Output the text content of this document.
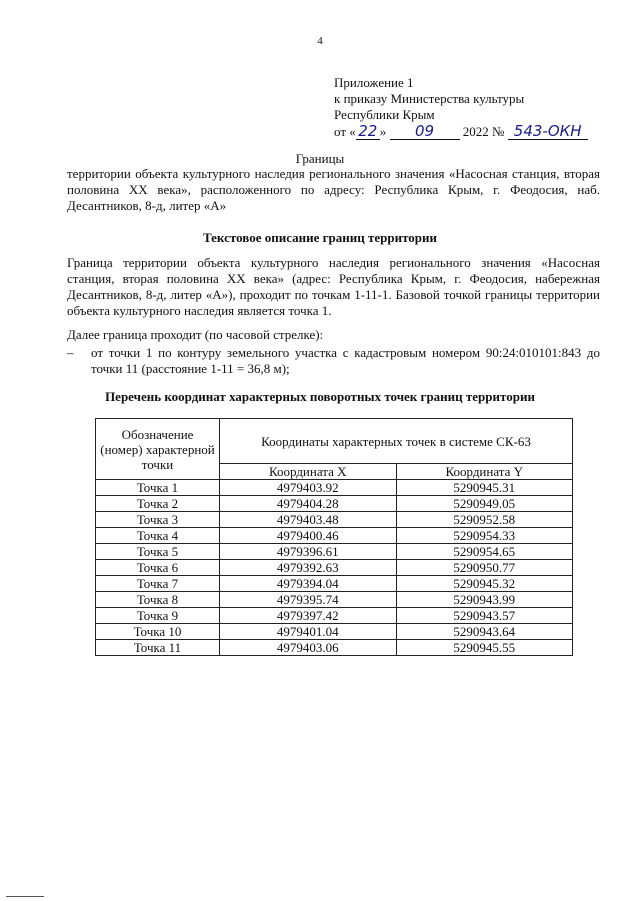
4
Приложение 1
к приказу Министерства культуры
Республики Крым
от « 22 » 09 2022 № 543-ОКН
Границы

территории объекта культурного наследия регионального значения «Насосная станция, вторая половина XX века», расположенного по адресу: Республика Крым, г. Феодосия, наб. Десантников, 8-д, литер «А»

Текстовое описание границ территории

Граница территории объекта культурного наследия регионального значения «Насосная станция, вторая половина XX века» (адрес: Республика Крым, г. Феодосия, набережная Десантников, 8-д, литер «А»), проходит по точкам 1-11-1. Базовой точкой границы территории объекта культурного наследия является точка 1.

Далее граница проходит (по часовой стрелке):

– от точки 1 по контуру земельного участка с кадастровым номером 90:24:010101:843 до точки 11 (расстояние 1-11 = 36,8 м);
Перечень координат характерных поворотных точек границ территории
Обозначение (номер) характерной точки	Координаты характерных точек в системе СК-63	
	Координата X	Координата Y
Точка 1	4979403.92	5290945.31
Точка 2	4979404.28	5290949.05
Точка 3	4979403.48	5290952.58
Точка 4	4979400.46	5290954.33
Точка 5	4979396.61	5290954.65
Точка 6	4979392.63	5290950.77
Точка 7	4979394.04	5290945.32
Точка 8	4979395.74	5290943.99
Точка 9	4979397.42	5290943.57
Точка 10	4979401.04	5290943.64
Точка 11	4979403.06	5290945.55
